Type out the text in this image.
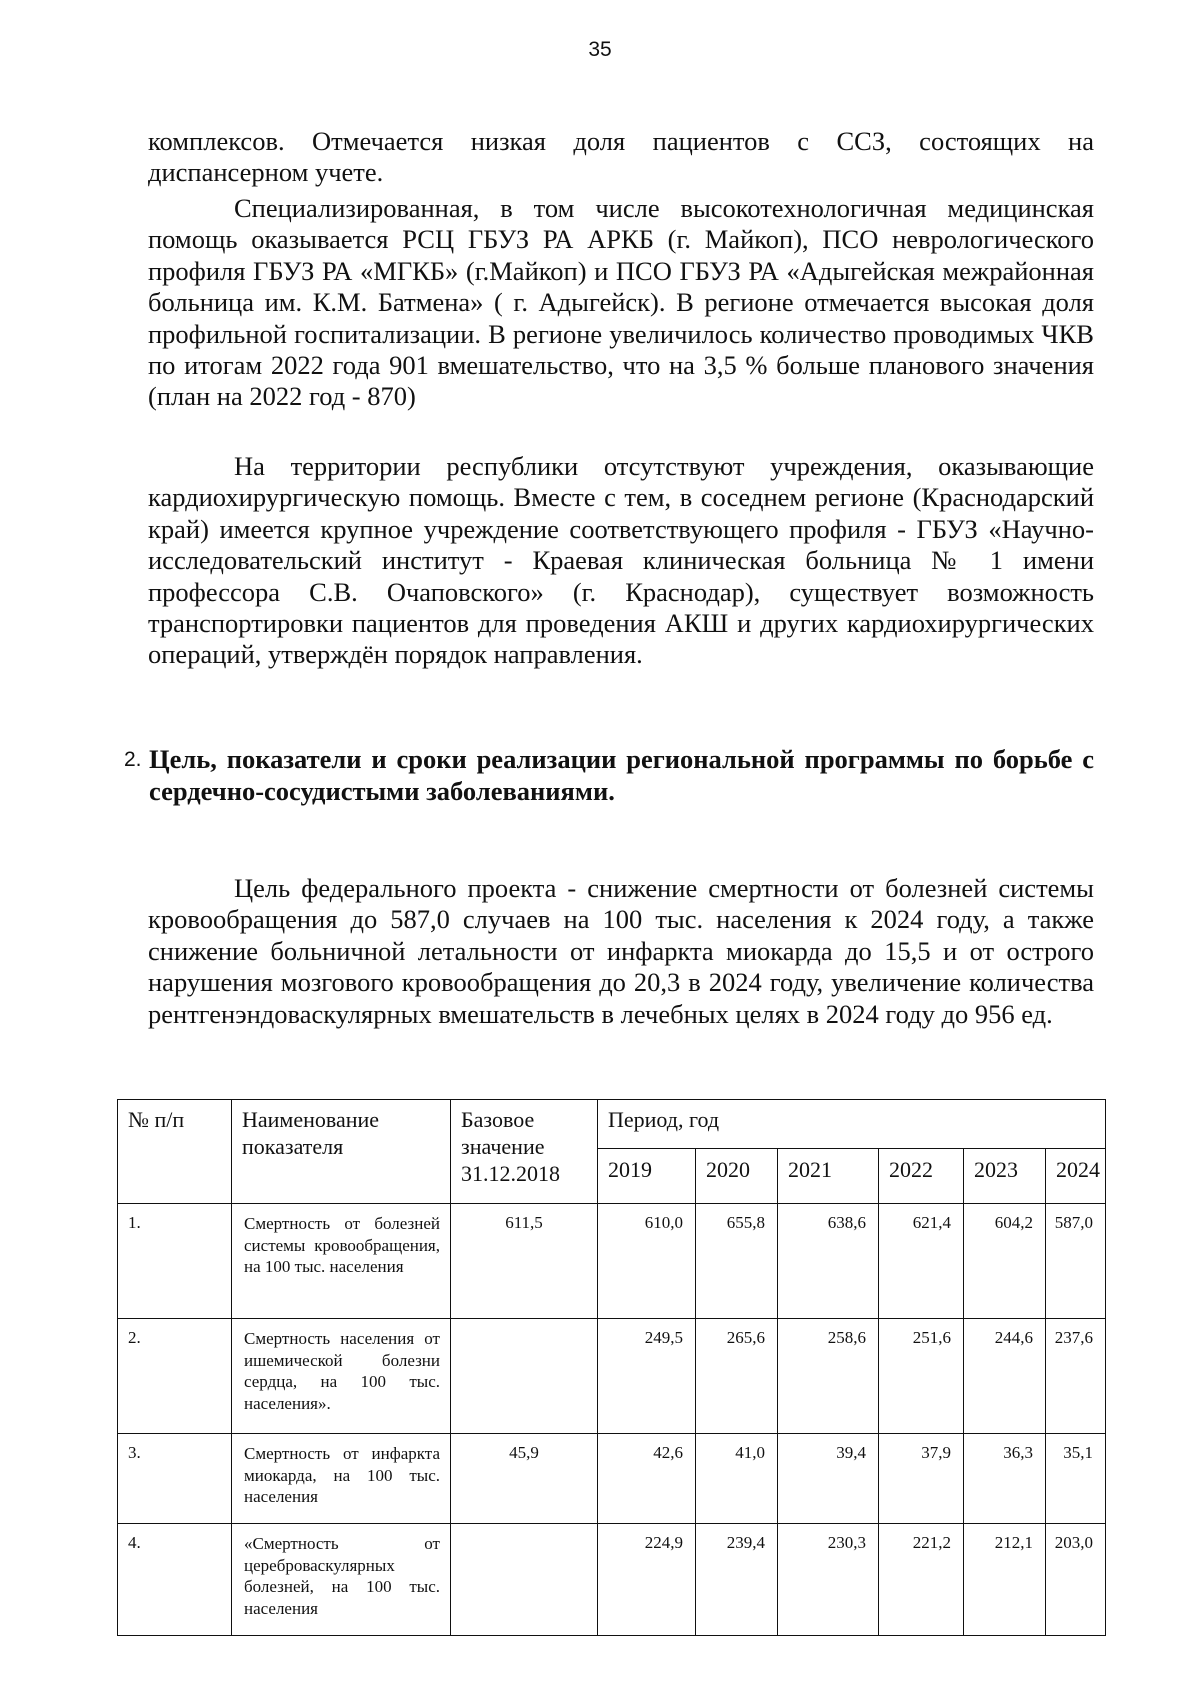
35

комплексов. Отмечается низкая доля пациентов с ССЗ, состоящих на диспансерном учете.

Специализированная, в том числе высокотехнологичная медицинская помощь оказывается РСЦ ГБУЗ РА АРКБ (г. Майкоп), ПСО неврологического профиля ГБУЗ РА «МГКБ» (г.Майкоп) и ПСО ГБУЗ РА «Адыгейская межрайонная больница им. К.М. Батмена» ( г. Адыгейск). В регионе отмечается высокая доля профильной госпитализации. В регионе увеличилось количество проводимых ЧКВ по итогам 2022 года 901 вмешательство, что на 3,5 % больше планового значения (план на 2022 год - 870)

На территории республики отсутствуют учреждения, оказывающие кардиохирургическую помощь. Вместе с тем, в соседнем регионе (Краснодарский край) имеется крупное учреждение соответствующего профиля - ГБУЗ «Научно-исследовательский институт - Краевая клиническая больница № 1 имени профессора С.В. Очаповского» (г. Краснодар), существует возможность транспортировки пациентов для проведения АКШ и других кардиохирургических операций, утверждён порядок направления.

2. Цель, показатели и сроки реализации региональной программы по борьбе с сердечно-сосудистыми заболеваниями.

Цель федерального проекта - снижение смертности от болезней системы кровообращения до 587,0 случаев на 100 тыс. населения к 2024 году, а также снижение больничной летальности от инфаркта миокарда до 15,5 и от острого нарушения мозгового кровообращения до 20,3 в 2024 году, увеличение количества рентгенэндоваскулярных вмешательств в лечебных целях в 2024 году до 956 ед.

№ п/п	Наименование показателя	Базовое значение 31.12.2018	Период, год					
			2019	2020	2021	2022	2023	2024
1.	Смертность от болезней системы кровообращения, на 100 тыс. населения	611,5	610,0	655,8	638,6	621,4	604,2	587,0
2.	Смертность населения от ишемической болезни сердца, на 100 тыс. населения».		249,5	265,6	258,6	251,6	244,6	237,6
3.	Смертность от инфаркта миокарда, на 100 тыс. населения	45,9	42,6	41,0	39,4	37,9	36,3	35,1
4.	«Смертность от цереброваскулярных болезней, на 100 тыс. населения		224,9	239,4	230,3	221,2	212,1	203,0
